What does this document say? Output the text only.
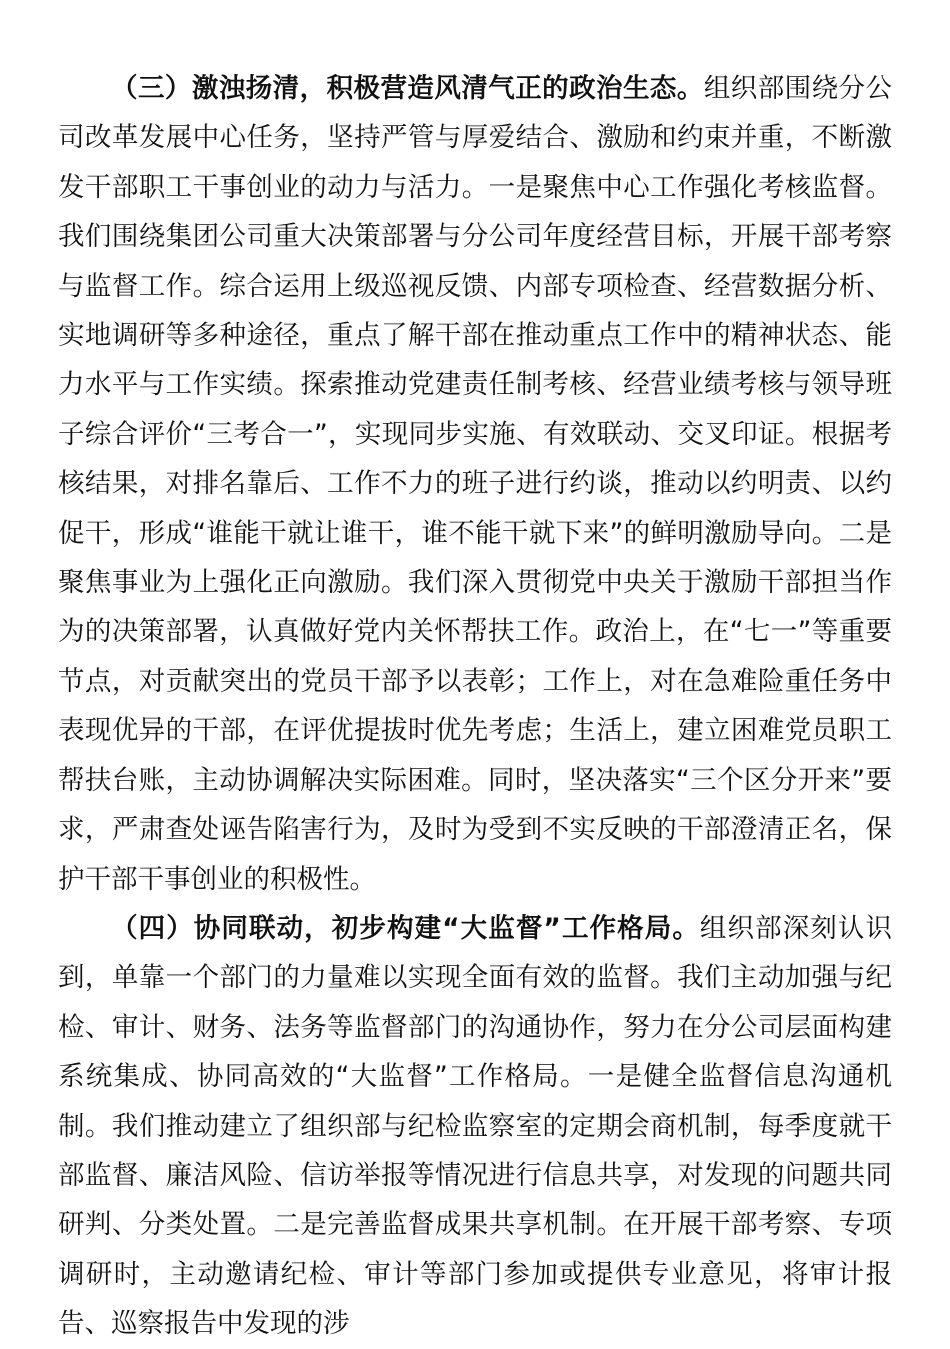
（三）激浊扬清，积极营造风清气正的政治生态。组织部围绕分公司改革发展中心任务，坚持严管与厚爱结合、激励和约束并重，不断激发干部职工干事创业的动力与活力。一是聚焦中心工作强化考核监督。我们围绕集团公司重大决策部署与分公司年度经营目标，开展干部考察与监督工作。综合运用上级巡视反馈、内部专项检查、经营数据分析、实地调研等多种途径，重点了解干部在推动重点工作中的精神状态、能力水平与工作实绩。探索推动党建责任制考核、经营业绩考核与领导班子综合评价“三考合一”，实现同步实施、有效联动、交叉印证。根据考核结果，对排名靠后、工作不力的班子进行约谈，推动以约明责、以约促干，形成“谁能干就让谁干，谁不能干就下来”的鲜明激励导向。二是聚焦事业为上强化正向激励。我们深入贯彻党中央关于激励干部担当作为的决策部署，认真做好党内关怀帮扶工作。政治上，在“七一”等重要节点，对贡献突出的党员干部予以表彰；工作上，对在急难险重任务中表现优异的干部，在评优提拔时优先考虑；生活上，建立困难党员职工帮扶台账，主动协调解决实际困难。同时，坚决落实“三个区分开来”要求，严肃查处诬告陷害行为，及时为受到不实反映的干部澄清正名，保护干部干事创业的积极性。

（四）协同联动，初步构建“大监督”工作格局。组织部深刻认识到，单靠一个部门的力量难以实现全面有效的监督。我们主动加强与纪检、审计、财务、法务等监督部门的沟通协作，努力在分公司层面构建系统集成、协同高效的“大监督”工作格局。一是健全监督信息沟通机制。我们推动建立了组织部与纪检监察室的定期会商机制，每季度就干部监督、廉洁风险、信访举报等情况进行信息共享，对发现的问题共同研判、分类处置。二是完善监督成果共享机制。在开展干部考察、专项调研时，主动邀请纪检、审计等部门参加或提供专业意见，将审计报告、巡察报告中发现的涉
